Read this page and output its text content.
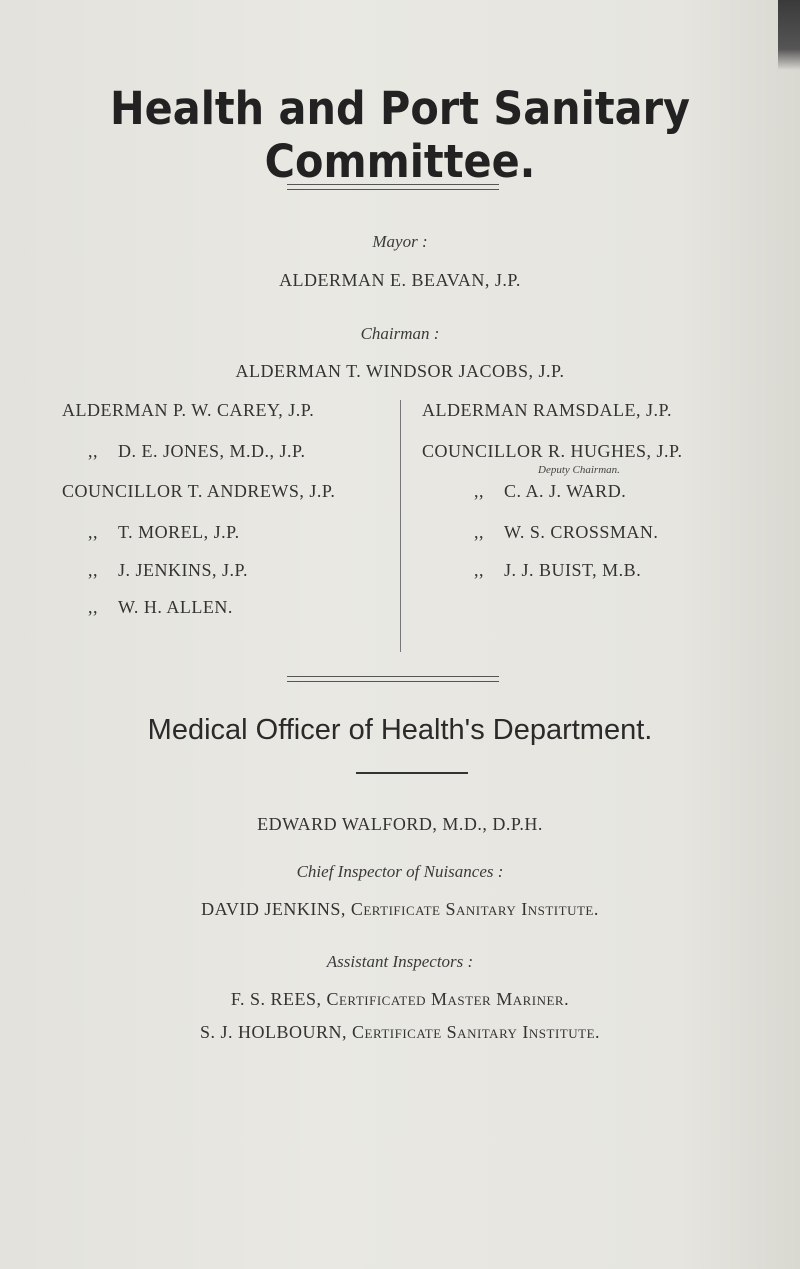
Health and Port Sanitary Committee.
Mayor :
ALDERMAN E. BEAVAN, J.P.
Chairman :
ALDERMAN T. WINDSOR JACOBS, J.P.
ALDERMAN P. W. CAREY, J.P.
,, D. E. JONES, M.D., J.P.
COUNCILLOR T. ANDREWS, J.P.
,, T. MOREL, J.P.
,, J. JENKINS, J.P.
,, W. H. ALLEN.
ALDERMAN RAMSDALE, J.P.
COUNCILLOR R. HUGHES, J.P.
Deputy Chairman.
,, C. A. J. WARD.
,, W. S. CROSSMAN.
,, J. J. BUIST, M.B.
Medical Officer of Health's Department.
EDWARD WALFORD, M.D., D.P.H.
Chief Inspector of Nuisances :
DAVID JENKINS, Certificate Sanitary Institute.
Assistant Inspectors :
F. S. REES, Certificated Master Mariner.
S. J. HOLBOURN, Certificate Sanitary Institute.
